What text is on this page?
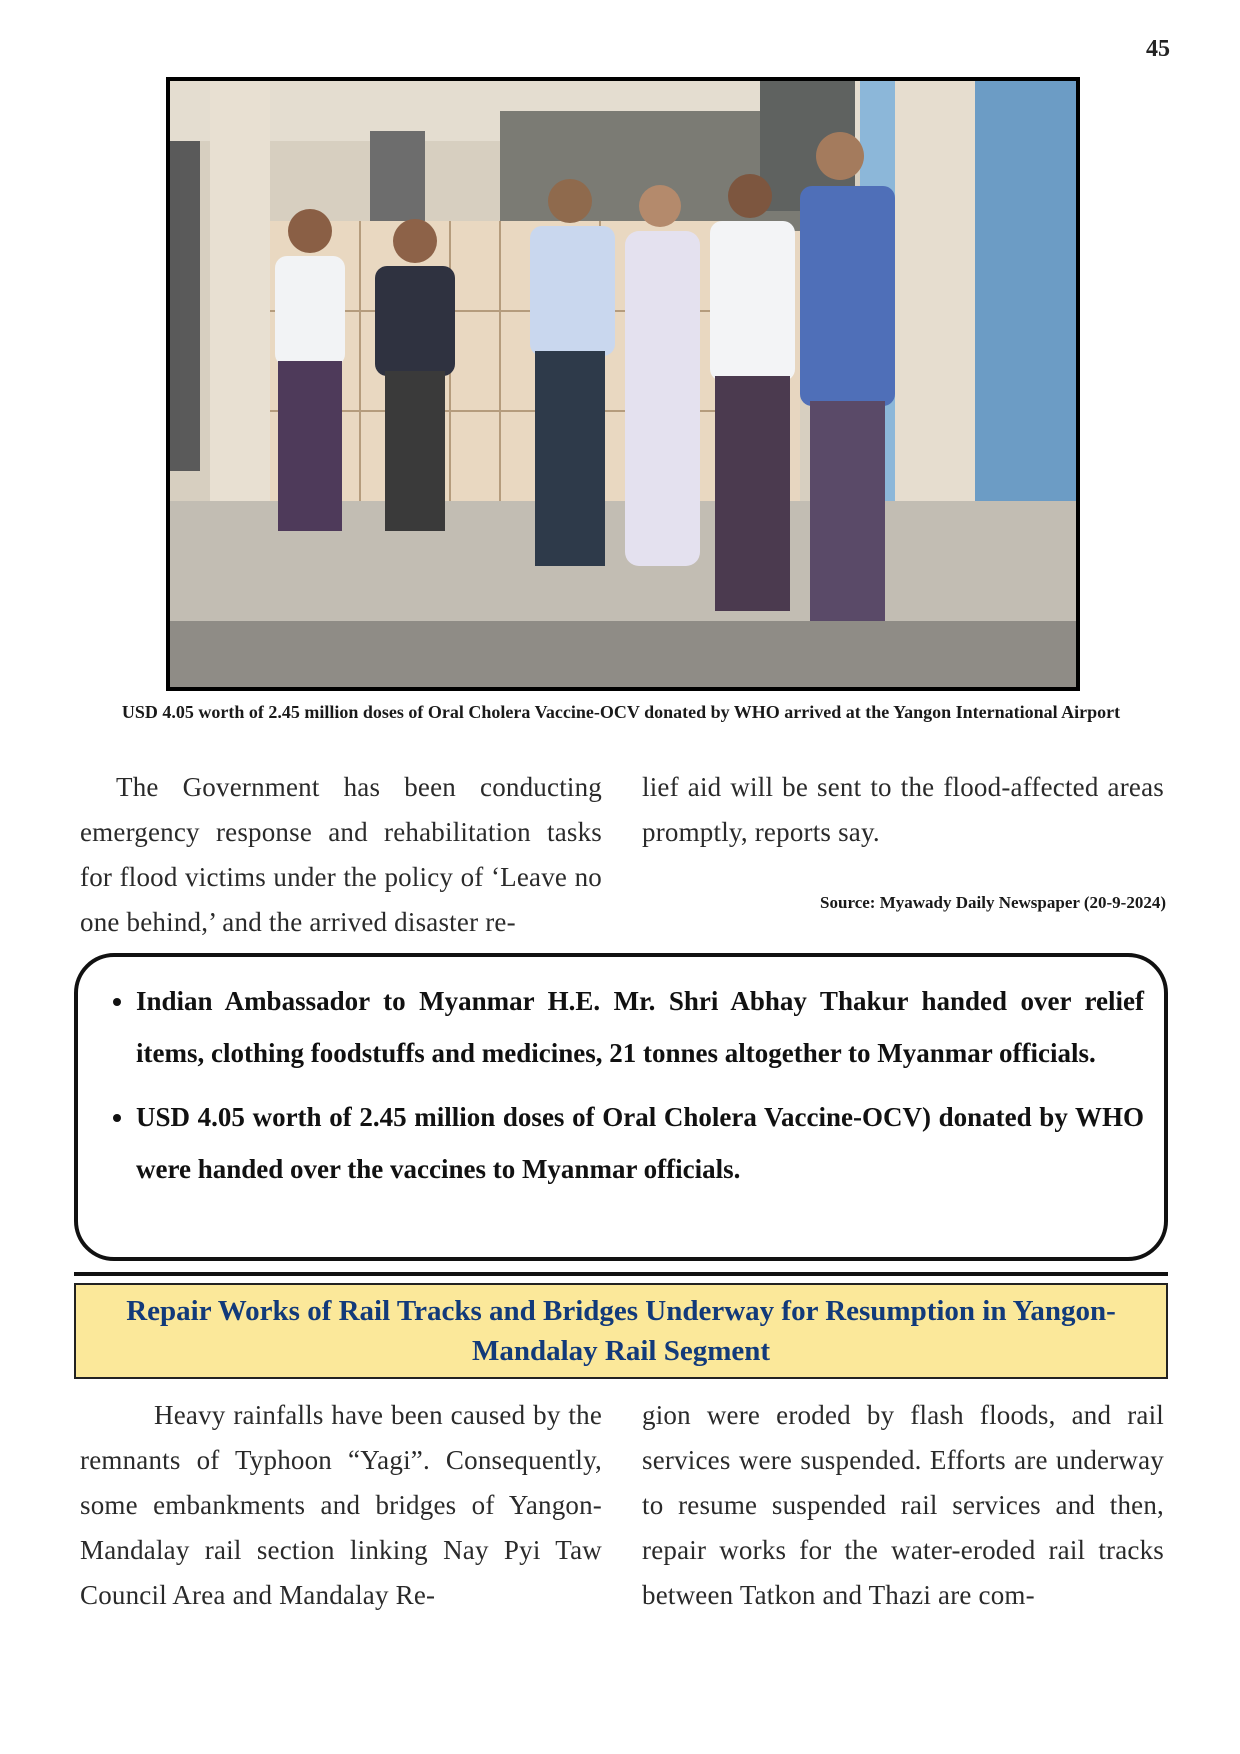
45
USD 4.05 worth of 2.45 million doses of Oral Cholera Vaccine-OCV donated by WHO arrived at the Yangon International Airport

The Government has been conducting emergency response and rehabilitation tasks for flood victims under the policy of ‘Leave no one behind,’ and the arrived disaster re-

lief aid will be sent to the flood-affected areas promptly, reports say.

Source: Myawady Daily Newspaper (20-9-2024)
• Indian Ambassador to Myanmar H.E. Mr. Shri Abhay Thakur handed over relief items, clothing foodstuffs and medicines, 21 tonnes altogether to Myanmar officials.
• USD 4.05 worth of 2.45 million doses of Oral Cholera Vaccine-OCV) donated by WHO were handed over the vaccines to Myanmar officials.
Repair Works of Rail Tracks and Bridges Underway for Resumption in Yangon-Mandalay Rail Segment

Heavy rainfalls have been caused by the remnants of Typhoon “Yagi”. Consequently, some embankments and bridges of Yangon-Mandalay rail section linking Nay Pyi Taw Council Area and Mandalay Re-

gion were eroded by flash floods, and rail services were suspended. Efforts are underway to resume suspended rail services and then, repair works for the water-eroded rail tracks between Tatkon and Thazi are com-
